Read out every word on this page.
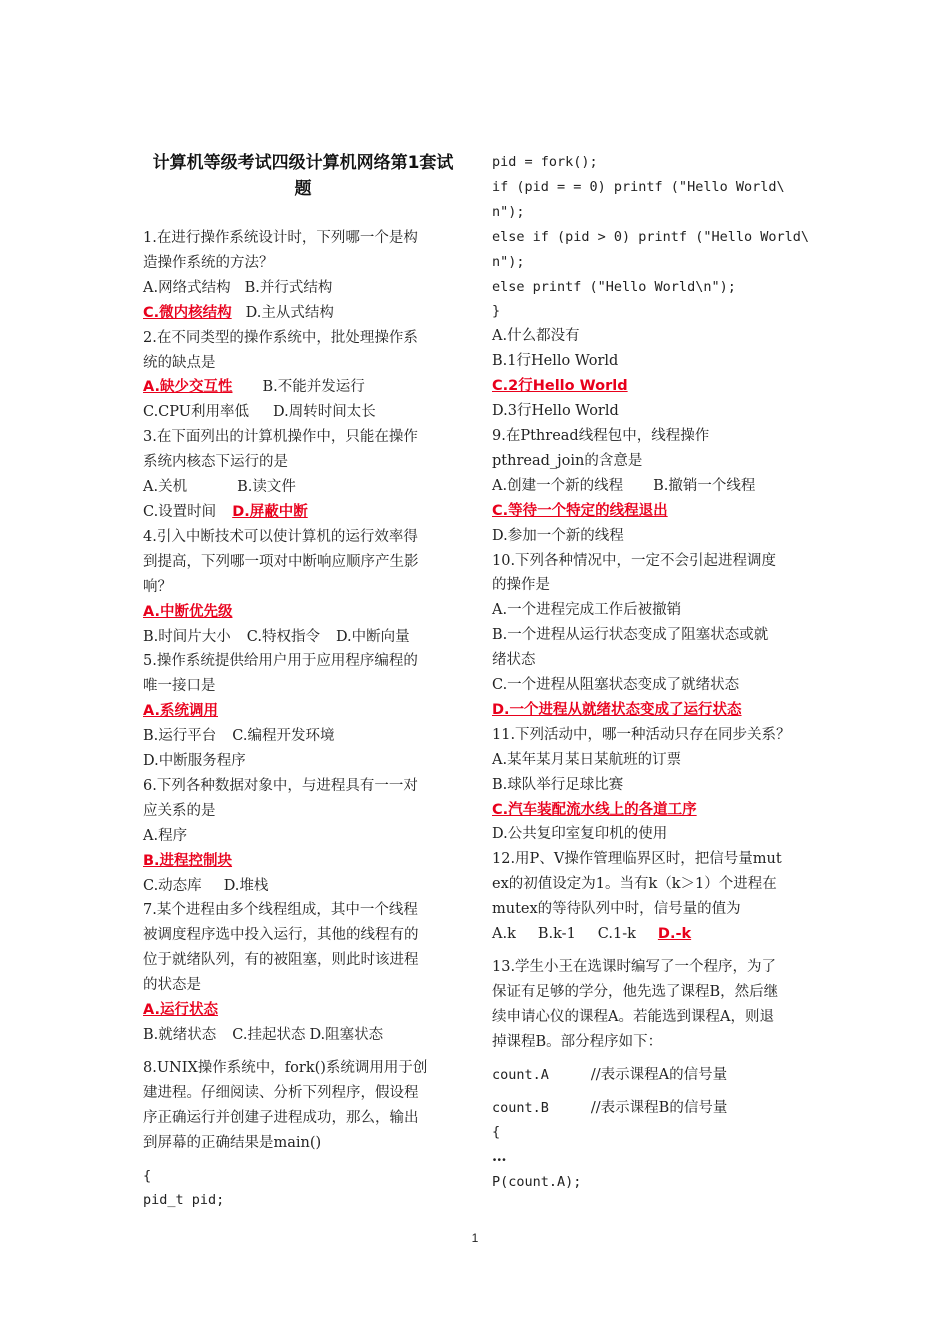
计算机等级考试四级计算机网络第1套试
题
1.在进行操作系统设计时，下列哪一个是构
造操作系统的方法？
A.网络式结构 B.并行式结构
C.微内核结构 D.主从式结构
2.在不同类型的操作系统中，批处理操作系
统的缺点是
A.缺少交互性 B.不能并发运行
C.CPU利用率低 D.周转时间太长
3.在下面列出的计算机操作中，只能在操作
系统内核态下运行的是
A.关机	B.读文件
C.设置时间 D.屏蔽中断
4.引入中断技术可以使计算机的运行效率得
到提高，下列哪一项对中断响应顺序产生影
响？
A.中断优先级
B.时间片大小 C.特权指令 D.中断向量
5.操作系统提供给用户用于应用程序编程的
唯一接口是
A.系统调用
B.运行平台 C.编程开发环境
D.中断服务程序
6.下列各种数据对象中，与进程具有一一对
应关系的是
A.程序
B.进程控制块
C.动态库 D.堆栈
7.某个进程由多个线程组成，其中一个线程
被调度程序选中投入运行，其他的线程有的
位于就绪队列，有的被阻塞，则此时该进程
的状态是
A.运行状态
B.就绪状态 C.挂起状态 D.阻塞状态
8.UNIX操作系统中，fork()系统调用用于创
建进程。仔细阅读、分析下列程序，假设程
序正确运行并创建子进程成功，那么，输出
到屏幕的正确结果是main()
{
pid_t pid;
pid = fork();
if (pid = = 0) printf ("Hello World\
n");
else if (pid > 0) printf ("Hello World\
n");
else printf ("Hello World\n");
}
A.什么都没有
B.1行Hello World
C.2行Hello World
D.3行Hello World
9.在Pthread线程包中，线程操作
pthread_join的含意是
A.创建一个新的线程 B.撤销一个线程
C.等待一个特定的线程退出
D.参加一个新的线程
10.下列各种情况中，一定不会引起进程调度
的操作是
A.一个进程完成工作后被撤销
B.一个进程从运行状态变成了阻塞状态或就
绪状态
C.一个进程从阻塞状态变成了就绪状态
D.一个进程从就绪状态变成了运行状态
11.下列活动中，哪一种活动只存在同步关系？
A.某年某月某日某航班的订票
B.球队举行足球比赛
C.汽车装配流水线上的各道工序
D.公共复印室复印机的使用
12.用P、V操作管理临界区时，把信号量mut
ex的初值设定为1。当有k（k＞1）个进程在
mutex的等待队列中时，信号量的值为
A.k B.k-1 C.1-k D.-k
13.学生小王在选课时编写了一个程序，为了
保证有足够的学分，他先选了课程B，然后继
续申请心仪的课程A。若能选到课程A，则退
掉课程B。部分程序如下：
count.A	//表示课程A的信号量
count.B	//表示课程B的信号量
{
…
P(count.A);
1
